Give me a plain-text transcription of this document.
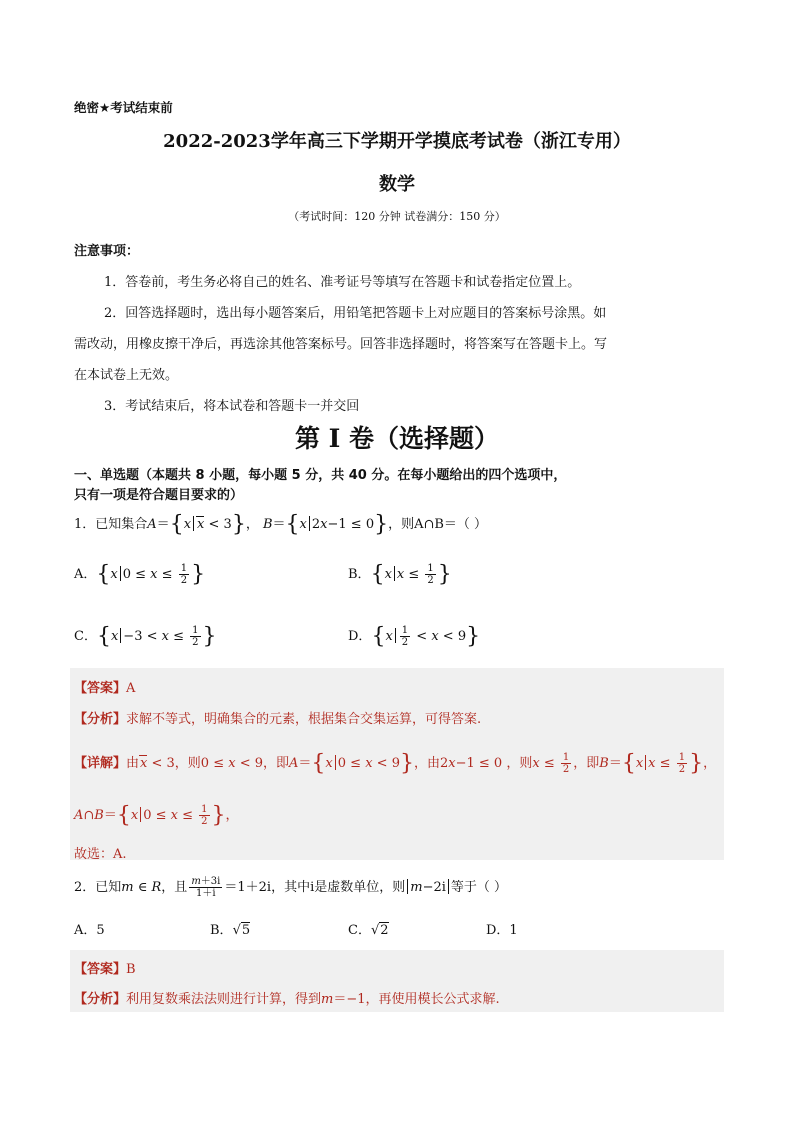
绝密★考试结束前
2022-2023学年高三下学期开学摸底考试卷（浙江专用）
数学
（考试时间：120 分钟 试卷满分：150 分）
注意事项：
1．答卷前，考生务必将自己的姓名、准考证号等填写在答题卡和试卷指定位置上。
2．回答选择题时，选出每小题答案后，用铅笔把答题卡上对应题目的答案标号涂黑。如
需改动，用橡皮擦干净后，再选涂其他答案标号。回答非选择题时，将答案写在答题卡上。写
在本试卷上无效。
3．考试结束后，将本试卷和答题卡一并交回
第 I 卷（选择题）
一、单选题（本题共 8 小题，每小题 5 分，共 40 分。在每小题给出的四个选项中，
只有一项是符合题目要求的）
1．已知集合A＝{x x < 3}， B＝{x 2x−1 ≤ 0}，则A∩B＝（ ）
A．{x $0 \le x \le \frac{1}{2}$ }	B．{x $x \le \frac{1}{2}$ }
C．{$x -3 < x \le \frac{1}{2}$ }	D．$\{x \frac{1}{2} < x < 9\}$
【答案】A
【分析】求解不等式，明确集合的元素，根据集合交集运算，可得答案.
【详解】由x < 3，则0 ≤ x < 9，即A＝{x 0 ≤ x < 9}，由2x−1 ≤ 0 ，则$x \le \frac{1}{2}$ ，即B＝{x $x \le \frac{1}{2}$ }，
A∩B＝{x $0 \le x \le \frac{1}{2}$ }，
故选：A.
2．已知m ∈ R，且 $\frac{m+3i}{1+i} =1+2i$，其中i是虚数单位，则 m−2i 等于（ ）
A．5	B．√5	C．√2	D．1
【答案】B
【分析】利用复数乘法法则进行计算，得到m＝−1，再使用模长公式求解.
